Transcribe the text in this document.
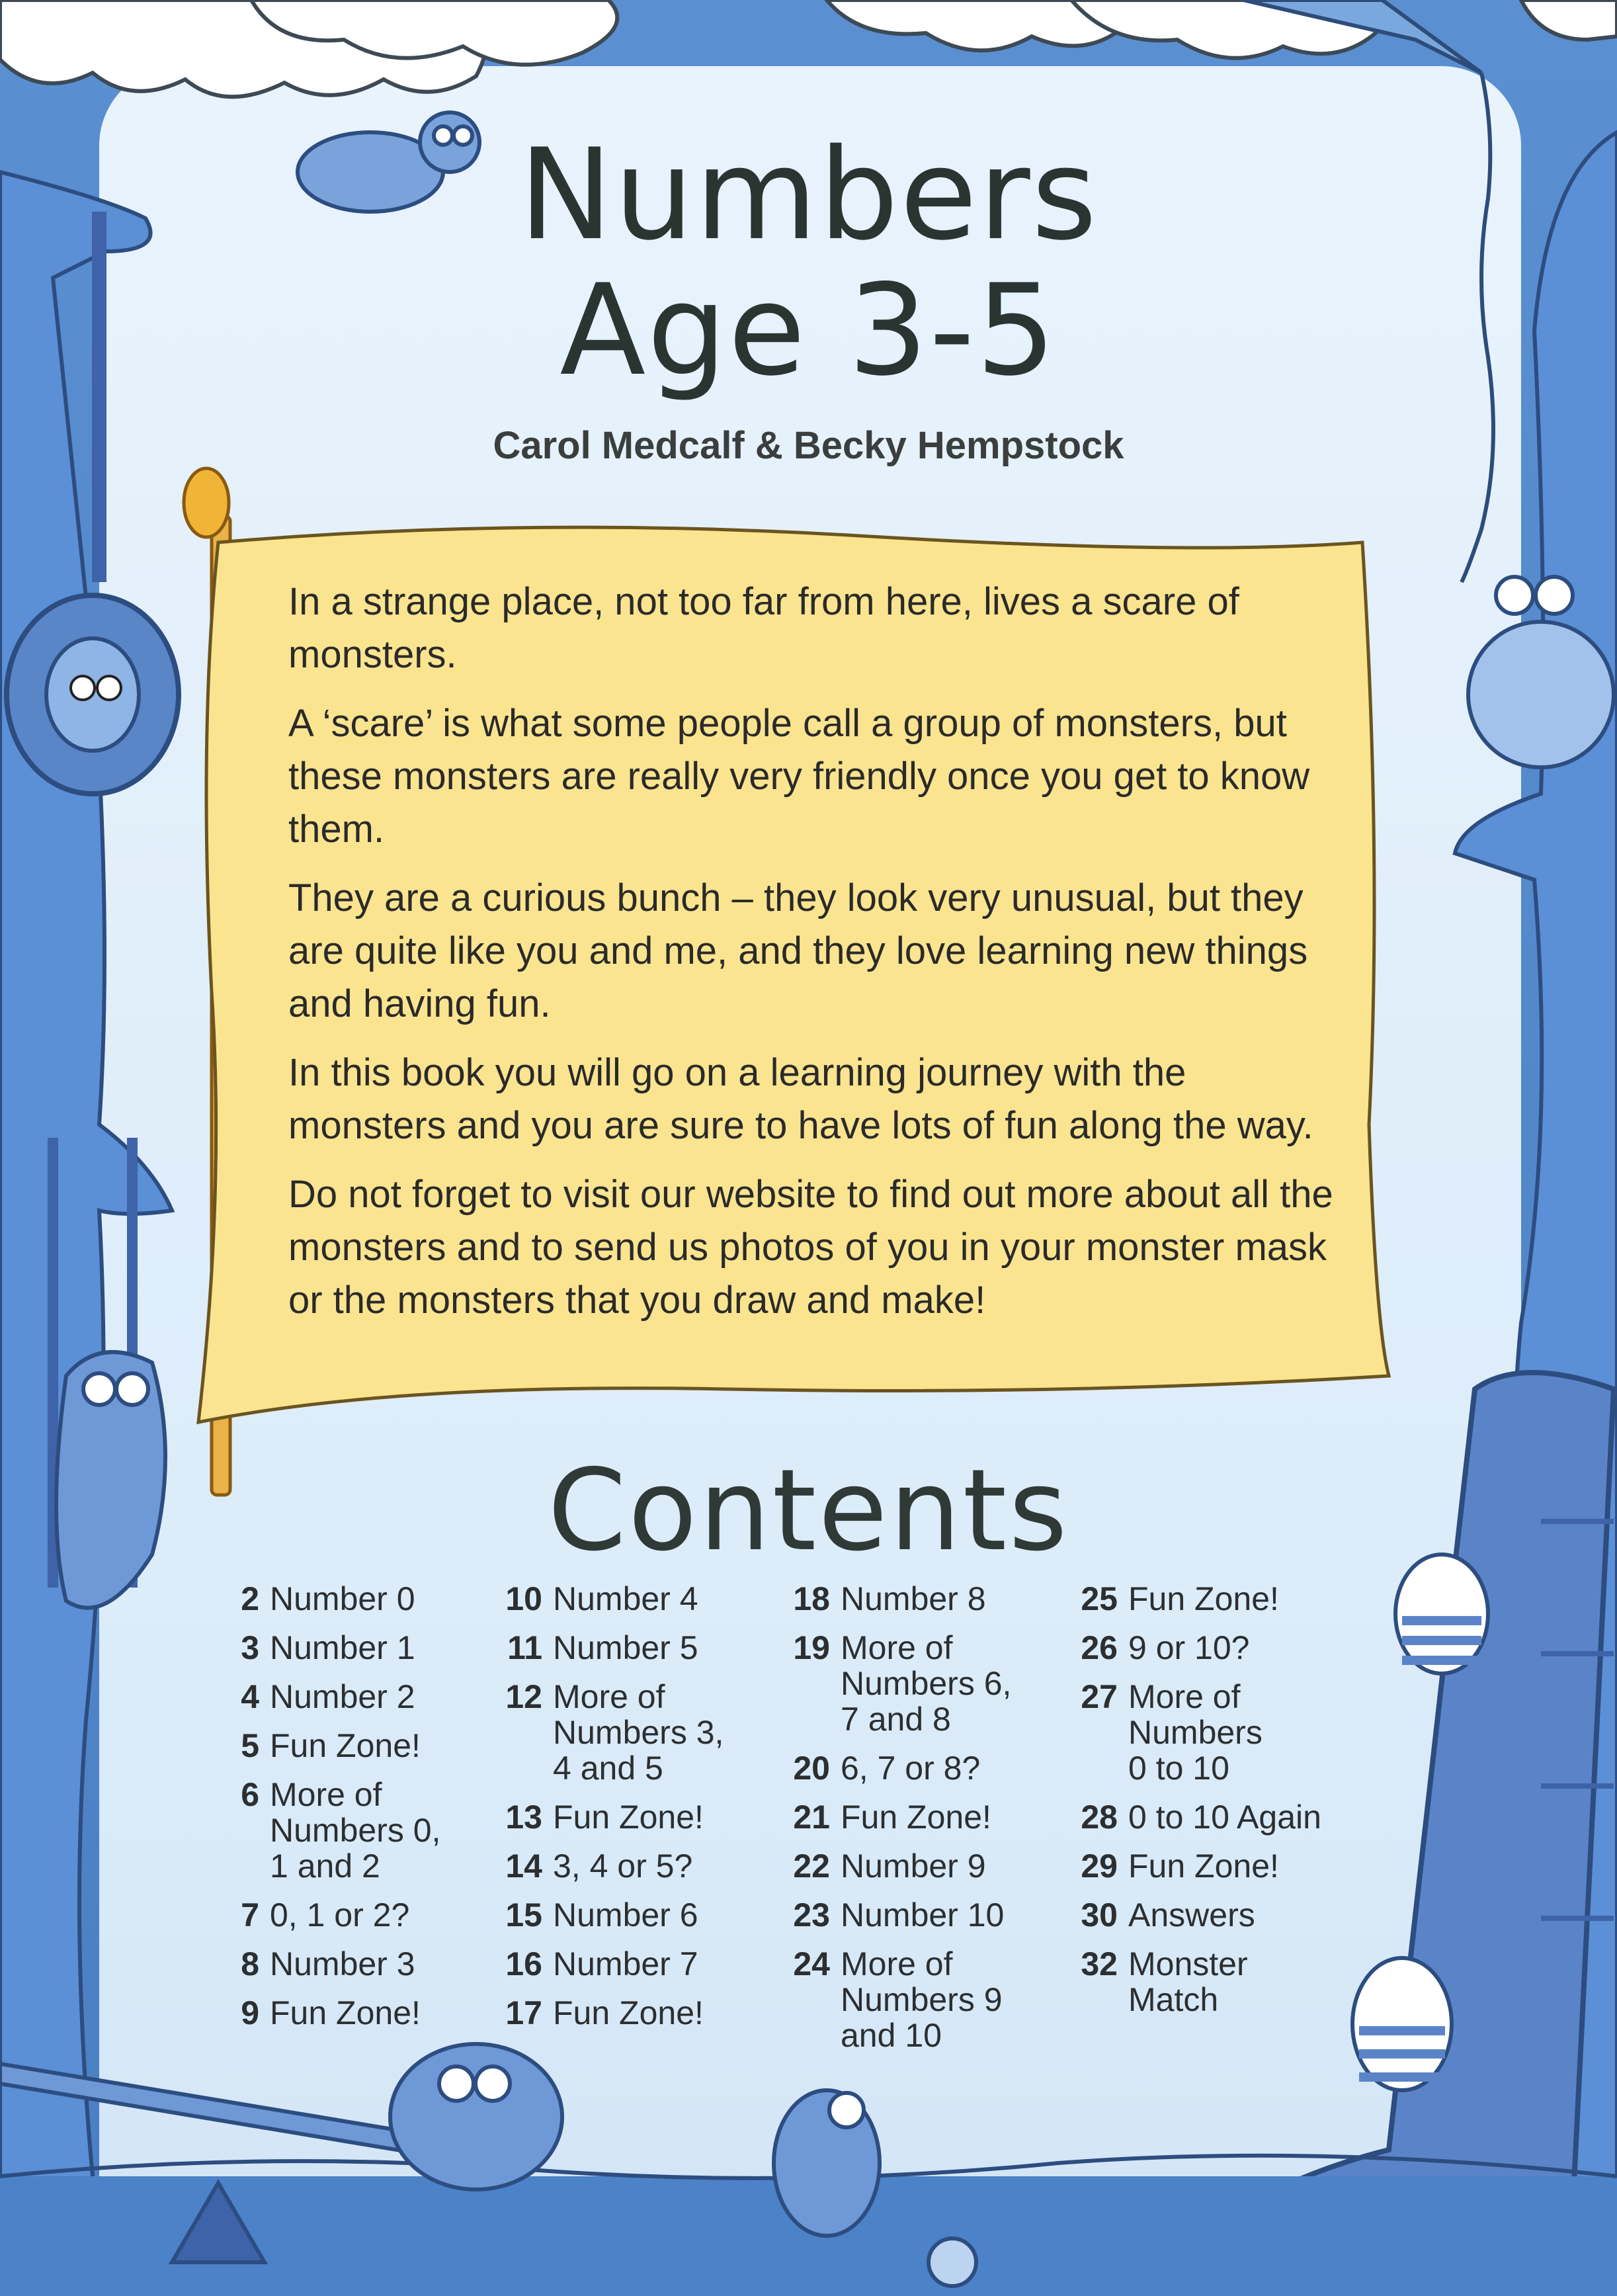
Numbers
Age 3-5
Carol Medcalf & Becky Hempstock

In a strange place, not too far from here, lives a scare of monsters.

A ‘scare’ is what some people call a group of monsters, but these monsters are really very friendly once you get to know them.

They are a curious bunch – they look very unusual, but they are quite like you and me, and they love learning new things and having fun.

In this book you will go on a learning journey with the monsters and you are sure to have lots of fun along the way.

Do not forget to visit our website to find out more about all the monsters and to send us photos of you in your monster mask or the monsters that you draw and make!

Contents
2 Number 0
3 Number 1
4 Number 2
5 Fun Zone!
6 More of
Numbers 0,
1 and 2
7 0, 1 or 2?
8 Number 3
9 Fun Zone!
10 Number 4
11 Number 5
12 More of
Numbers 3,
4 and 5
13 Fun Zone!
14 3, 4 or 5?
15 Number 6
16 Number 7
17 Fun Zone!
18 Number 8
19 More of
Numbers 6,
7 and 8
20 6, 7 or 8?
21 Fun Zone!
22 Number 9
23 Number 10
24 More of
Numbers 9
and 10
25 Fun Zone!
26 9 or 10?
27 More of
Numbers
0 to 10
28 0 to 10 Again
29 Fun Zone!
30 Answers
32 Monster
Match
